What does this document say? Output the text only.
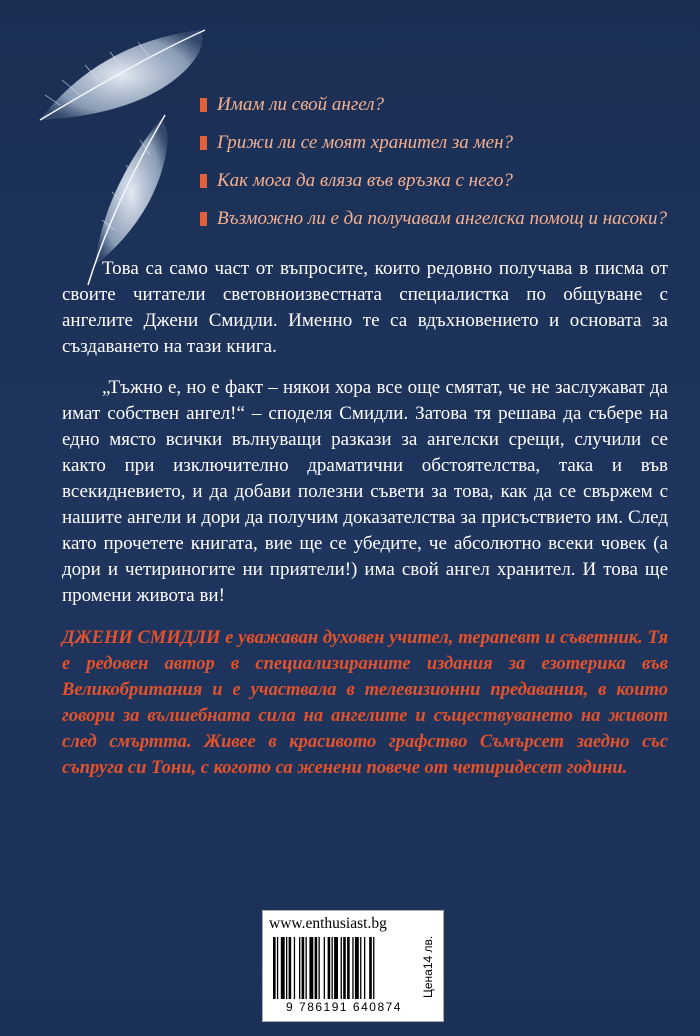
Имам ли свой ангел?
Грижи ли се моят хранител за мен?
Как мога да вляза във връзка с него?
Възможно ли е да получавам ангелска помощ и насоки?

Това са само част от въпросите, които редовно получава в писма от своите читатели световноизвестната специалистка по общуване с ангелите Джени Смидли. Именно те са вдъхновението и основата за създаването на тази книга.

„Тъжно е, но е факт – някои хора все още смятат, че не заслужават да имат собствен ангел!“ – споделя Смидли. Затова тя решава да събере на едно място всички вълнуващи разкази за ангелски срещи, случили се както при изключително драматични обстоятелства, така и във всекидневието, и да добави полезни съвети за това, как да се свържем с нашите ангели и дори да получим доказателства за присъствието им. След като прочетете книгата, вие ще се убедите, че абсолютно всеки човек (а дори и четириногите ни приятели!) има свой ангел хранител. И това ще промени живота ви!

ДЖЕНИ СМИДЛИ е уважаван духовен учител, терапевт и съветник. Тя е редовен автор в специализираните издания за езотерика във Великобритания и е участвала в телевизионни предавания, в които говори за вълшебната сила на ангелите и съществуването на живот след смъртта. Живее в красивото графство Съмърсет заедно със съпруга си Тони, с когото са женени повече от четиридесет години.

www.enthusiast.bg
Цена14 лв.
9 786191 640874
